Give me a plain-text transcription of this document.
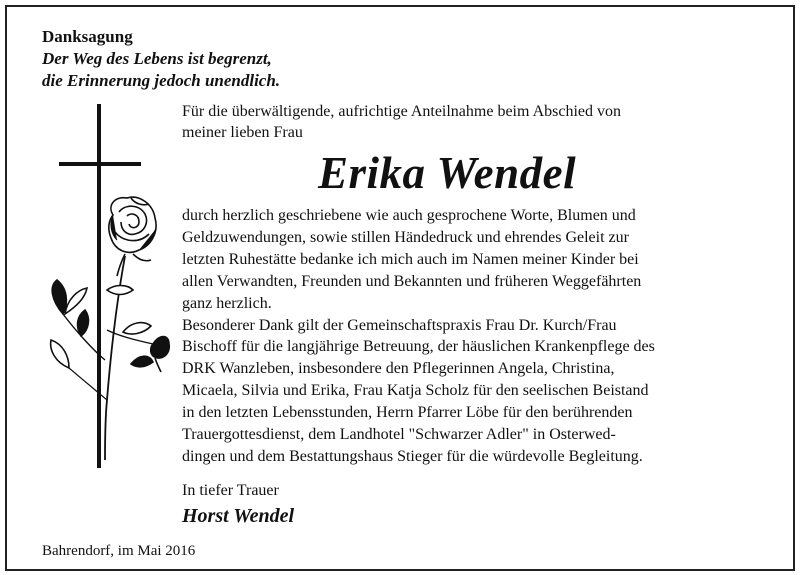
Danksagung
Der Weg des Lebens ist begrenzt,
die Erinnerung jedoch unendlich.
Für die überwältigende, aufrichtige Anteilnahme beim Abschied von
meiner lieben Frau
Erika Wendel
durch herzlich geschriebene wie auch gesprochene Worte, Blumen und
Geldzuwendungen, sowie stillen Händedruck und ehrendes Geleit zur
letzten Ruhestätte bedanke ich mich auch im Namen meiner Kinder bei
allen Verwandten, Freunden und Bekannten und früheren Weggefährten
ganz herzlich.
Besonderer Dank gilt der Gemeinschaftspraxis Frau Dr. Kurch/Frau
Bischoff für die langjährige Betreuung, der häuslichen Krankenpflege des
DRK Wanzleben, insbesondere den Pflegerinnen Angela, Christina,
Micaela, Silvia und Erika, Frau Katja Scholz für den seelischen Beistand
in den letzten Lebensstunden, Herrn Pfarrer Löbe für den berührenden
Trauergottesdienst, dem Landhotel "Schwarzer Adler" in Osterwed-
dingen und dem Bestattungshaus Stieger für die würdevolle Begleitung.
In tiefer Trauer
Horst Wendel
Bahrendorf, im Mai 2016
